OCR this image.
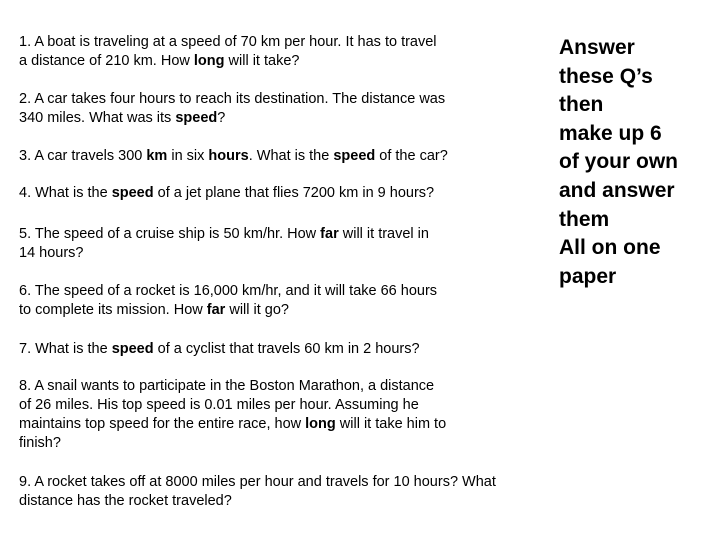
1. A boat is traveling at a speed of 70 km per hour. It has to travel
a distance of 210 km. How long will it take?

2. A car takes four hours to reach its destination. The distance was
340 miles. What was its speed?

3. A car travels 300 km in six hours. What is the speed of the car?

4. What is the speed of a jet plane that flies 7200 km in 9 hours?

5. The speed of a cruise ship is 50 km/hr. How far will it travel in
14 hours?

6. The speed of a rocket is 16,000 km/hr, and it will take 66 hours
to complete its mission. How far will it go?

7. What is the speed of a cyclist that travels 60 km in 2 hours?

8. A snail wants to participate in the Boston Marathon, a distance
of 26 miles. His top speed is 0.01 miles per hour. Assuming he
maintains top speed for the entire race, how long will it take him to
finish?

9. A rocket takes off at 8000 miles per hour and travels for 10 hours? What
distance has the rocket traveled?

Answer
these Q’s
then
make up 6
of your own
and answer
them
All on one
paper
